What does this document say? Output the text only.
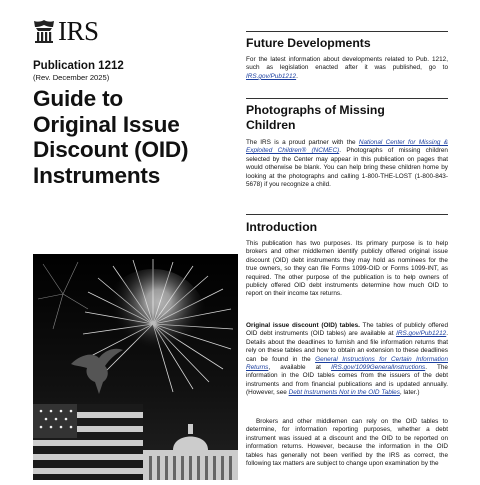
IRS
Publication 1212
(Rev. December 2025)
Guide to
Original Issue
Discount (OID)
Instruments
Future Developments

For the latest information about developments related to Pub. 1212, such as legislation enacted after it was published, go to IRS.gov/Pub1212.

Photographs of Missing
Children

The IRS is a proud partner with the National Center for Missing & Exploited Children® (NCMEC). Photographs of missing children selected by the Center may appear in this publication on pages that would otherwise be blank. You can help bring these children home by looking at the photographs and calling 1-800-THE-LOST (1-800-843-5678) if you recognize a child.

Introduction

This publication has two purposes. Its primary purpose is to help brokers and other middlemen identify publicly offered original issue discount (OID) debt instruments they may hold as nominees for the true owners, so they can file Forms 1099-OID or Forms 1099-INT, as required. The other purpose of the publication is to help owners of publicly offered OID debt instruments determine how much OID to report on their income tax returns.

Original issue discount (OID) tables. The tables of publicly offered OID debt instruments (OID tables) are available at IRS.gov/Pub1212. Details about the deadlines to furnish and file information returns that rely on these tables and how to obtain an extension to these deadlines can be found in the General Instructions for Certain Information Returns, available at IRS.gov/1099GeneralInstructions. The information in the OID tables comes from the issuers of the debt instruments and from financial publications and is updated annually. (However, see Debt Instruments Not in the OID Tables, later.)

Brokers and other middlemen can rely on the OID tables to determine, for information reporting purposes, whether a debt instrument was issued at a discount and the OID to be reported on information returns. However, because the information in the OID tables has generally not been verified by the IRS as correct, the following tax matters are subject to change upon examination by the
